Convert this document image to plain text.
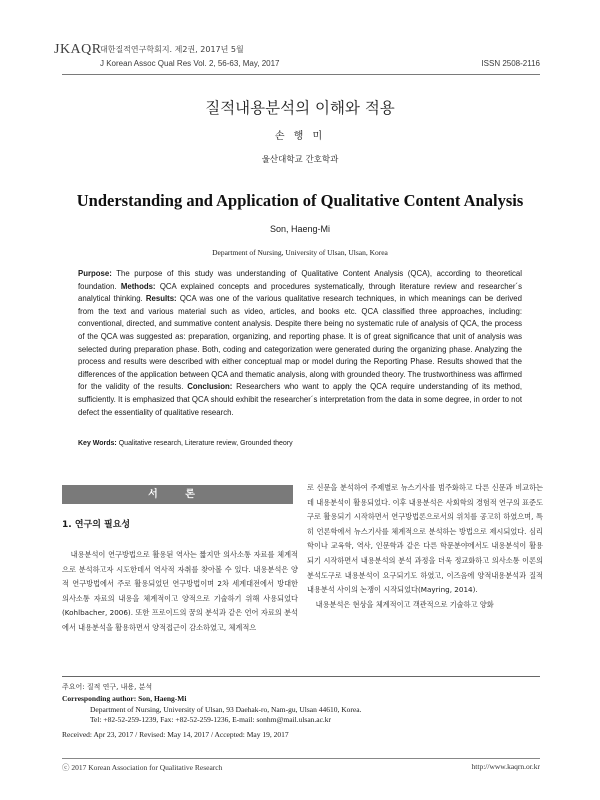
JKAQR
대한질적연구학회지. 제2권, 2017년 5월
J Korean Assoc Qual Res Vol. 2, 56-63, May, 2017	ISSN 2508-2116
질적내용분석의 이해와 적용
손 행 미
울산대학교 간호학과
Understanding and Application of Qualitative Content Analysis
Son, Haeng-Mi
Department of Nursing, University of Ulsan, Ulsan, Korea
Purpose: The purpose of this study was understanding of Qualitative Content Analysis (QCA), according to theoretical foundation. Methods: QCA explained concepts and procedures systematically, through literature review and researcher´s analytical thinking. Results: QCA was one of the various qualitative research techniques, in which meanings can be derived from the text and various material such as video, articles, and books etc. QCA classified three approaches, including: conventional, directed, and summative content analysis. Despite there being no systematic rule of analysis of QCA, the process of the QCA was suggested as: preparation, organizing, and reporting phase. It is of great significance that unit of analysis was selected during preparation phase. Both, coding and categorization were generated during the organizing phase. Analyzing the process and results were described with either conceptual map or model during the Reporting Phase. Results showed that the differences of the application between QCA and thematic analysis, along with grounded theory. The trustworthiness was affirmed for the validity of the results. Conclusion: Researchers who want to apply the QCA require understanding of its method, sufficiently. It is emphasized that QCA should exhibit the researcher´s interpretation from the data in some degree, in order to not defect the essentiality of qualitative research.
Key Words: Qualitative research, Literature review, Grounded theory
서 론
1. 연구의 필요성

내용분석이 연구방법으로 활용된 역사는 짧지만 의사소통 자료를 체계적으로 분석하고자 시도한데서 역사적 자취를 찾아볼 수 있다. 내용분석은 양적 연구방법에서 주로 활용되었던 연구방법이며 2차 세계대전에서 방대한 의사소통 자료의 내용을 체계적이고 양적으로 기술하기 위해 사용되었다(Kohlbacher, 2006). 또한 프로이드의 꿈의 분석과 같은 언어 자료의 분석에서 내용분석을 활용하면서 양적접근이 감소하였고, 체계적으

로 신문을 분석하여 주제별로 뉴스기사를 범주화하고 다른 신문과 비교하는데 내용분석이 활용되었다. 이후 내용분석은 사회학의 경험적 연구의 표준도구로 활용되기 시작하면서 연구방법론으로서의 위치를 공고히 하였으며, 특히 언론학에서 뉴스기사를 체계적으로 분석하는 방법으로 제시되었다. 심리학이나 교육학, 역사, 인문학과 같은 다른 학문분야에서도 내용분석이 활용되기 시작하면서 내용분석의 분석 과정을 더욱 정교화하고 의사소통 이론의 분석도구로 내용분석이 요구되기도 하였고, 이즈음에 양적내용분석과 질적내용분석 사이의 논쟁이 시작되었다(Mayring, 2014).

내용분석은 현상을 체계적이고 객관적으로 기술하고 양화

주요어: 질적 연구, 내용, 분석
Corresponding author: Son, Haeng-Mi
Department of Nursing, University of Ulsan, 93 Daehak-ro, Nam-gu, Ulsan 44610, Korea.
Tel: +82-52-259-1239, Fax: +82-52-259-1236, E-mail: sonhm@mail.ulsan.ac.kr
Received: Apr 23, 2017 / Revised: May 14, 2017 / Accepted: May 19, 2017
ⓒ 2017 Korean Association for Qualitative Research	http://www.kaqrn.or.kr
